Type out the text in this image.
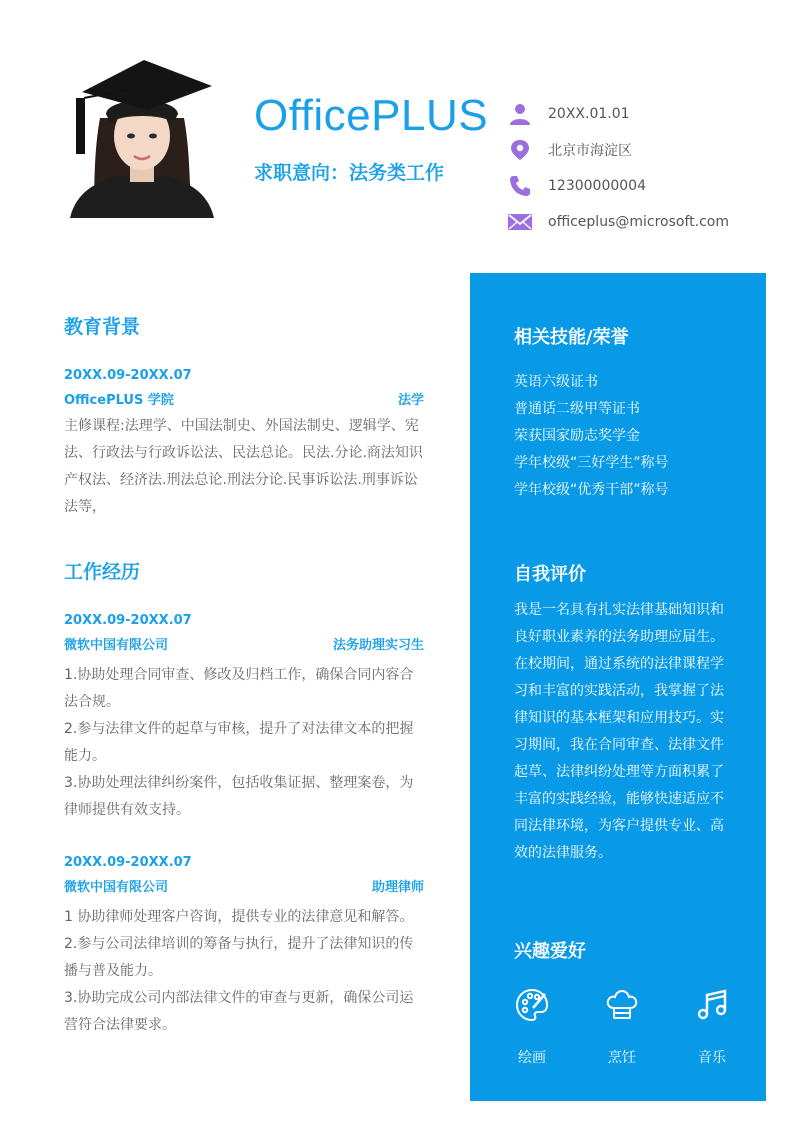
OfficePLUS
求职意向：法务类工作
20XX.01.01
北京市海淀区
12300000004
officeplus@microsoft.com
教育背景
20XX.09-20XX.07
OfficePLUS 学院	法学

主修课程:法理学、中国法制史、外国法制史、逻辑学、宪法、行政法与行政诉讼法、民法总论。民法.分论.商法知识产权法、经济法.刑法总论.刑法分论.民事诉讼法.刑事诉讼法等，

工作经历
20XX.09-20XX.07
微软中国有限公司	法务助理实习生

1.协助处理合同审查、修改及归档工作，确保合同内容合法合规。

2.参与法律文件的起草与审核，提升了对法律文本的把握能力。

3.协助处理法律纠纷案件，包括收集证据、整理案卷，为律师提供有效支持。

20XX.09-20XX.07
微软中国有限公司	助理律师

1 协助律师处理客户咨询，提供专业的法律意见和解答。

2.参与公司法律培训的筹备与执行，提升了法律知识的传播与普及能力。

3.协助完成公司内部法律文件的审查与更新，确保公司运营符合法律要求。

相关技能/荣誉
英语六级证书
普通话二级甲等证书
荣获国家励志奖学金
学年校级“三好学生”称号
学年校级“优秀干部”称号
自我评价

我是一名具有扎实法律基础知识和良好职业素养的法务助理应届生。在校期间，通过系统的法律课程学习和丰富的实践活动，我掌握了法律知识的基本框架和应用技巧。实习期间，我在合同审查、法律文件起草、法律纠纷处理等方面积累了丰富的实践经验，能够快速适应不同法律环境，为客户提供专业、高效的法律服务。

兴趣爱好
绘画	烹饪	音乐
